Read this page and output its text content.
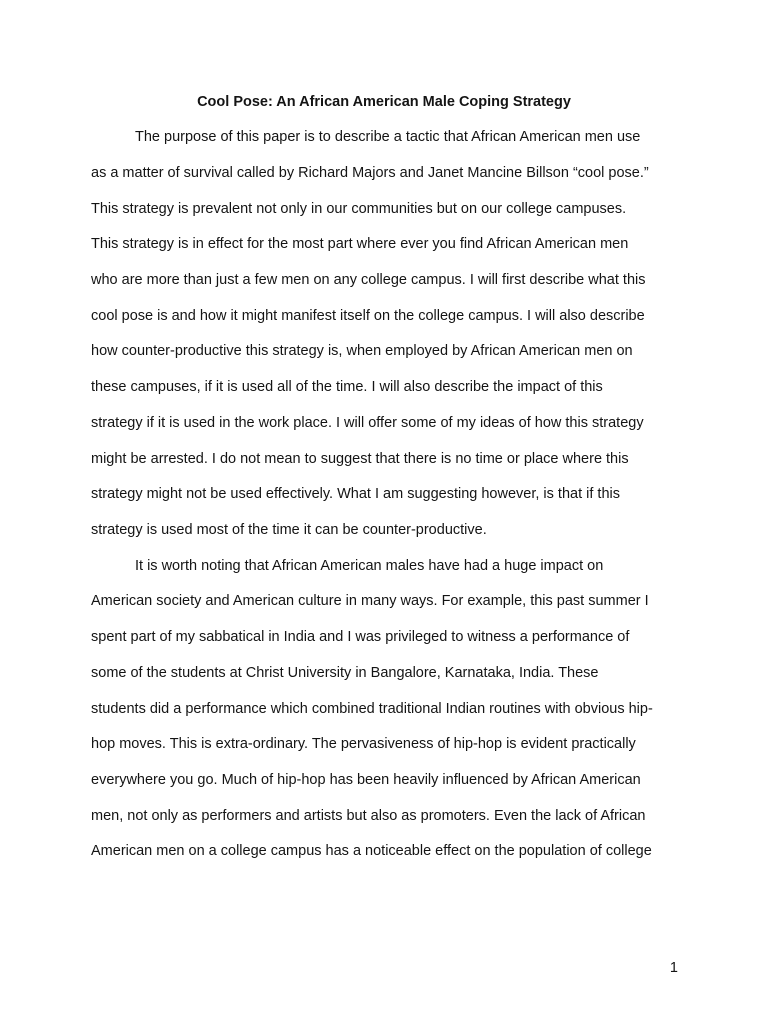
Cool Pose: An African American Male Coping Strategy
The purpose of this paper is to describe a tactic that African American men use
as a matter of survival called by Richard Majors and Janet Mancine Billson “cool pose.”
This strategy is prevalent not only in our communities but on our college campuses.
This strategy is in effect for the most part where ever you find African American men
who are more than just a few men on any college campus. I will first describe what this
cool pose is and how it might manifest itself on the college campus. I will also describe
how counter-productive this strategy is, when employed by African American men on
these campuses, if it is used all of the time. I will also describe the impact of this
strategy if it is used in the work place. I will offer some of my ideas of how this strategy
might be arrested. I do not mean to suggest that there is no time or place where this
strategy might not be used effectively. What I am suggesting however, is that if this
strategy is used most of the time it can be counter-productive.
It is worth noting that African American males have had a huge impact on
American society and American culture in many ways. For example, this past summer I
spent part of my sabbatical in India and I was privileged to witness a performance of
some of the students at Christ University in Bangalore, Karnataka, India. These
students did a performance which combined traditional Indian routines with obvious hip-
hop moves. This is extra-ordinary. The pervasiveness of hip-hop is evident practically
everywhere you go. Much of hip-hop has been heavily influenced by African American
men, not only as performers and artists but also as promoters. Even the lack of African
American men on a college campus has a noticeable effect on the population of college
1
